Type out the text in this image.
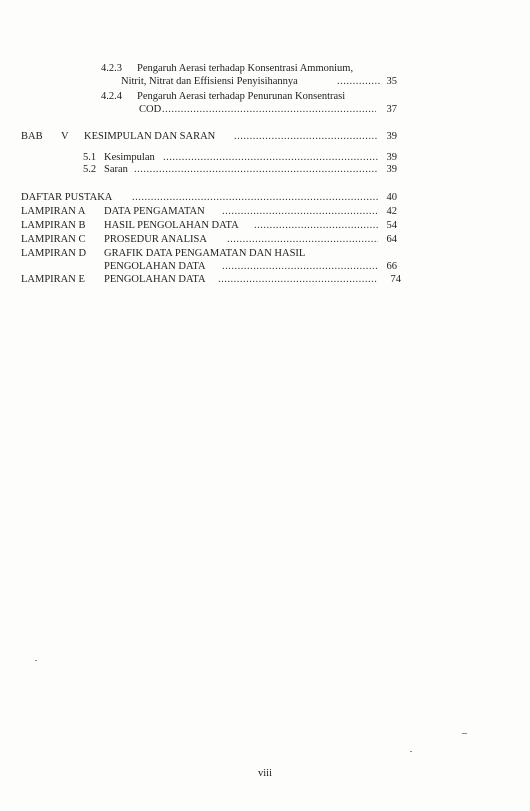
4.2.3 Pengaruh Aerasi terhadap Konsentrasi Ammonium,
Nitrit, Nitrat dan Effisiensi Penyisihannya .....	35
4.2.4 Pengaruh Aerasi terhadap Penurunan Konsentrasi
COD .....	37
BAB V KESIMPULAN DAN SARAN .....	39
5.1 Kesimpulan .....	39
5.2 Saran .....	39
DAFTAR PUSTAKA .....	40
LAMPIRAN A DATA PENGAMATAN .....	42
LAMPIRAN B HASIL PENGOLAHAN DATA .....	54
LAMPIRAN C PROSEDUR ANALISA .....	64
LAMPIRAN D GRAFIK DATA PENGAMATAN DAN HASIL
PENGOLAHAN DATA .....	66
LAMPIRAN E PENGOLAHAN DATA .....	74
viii
